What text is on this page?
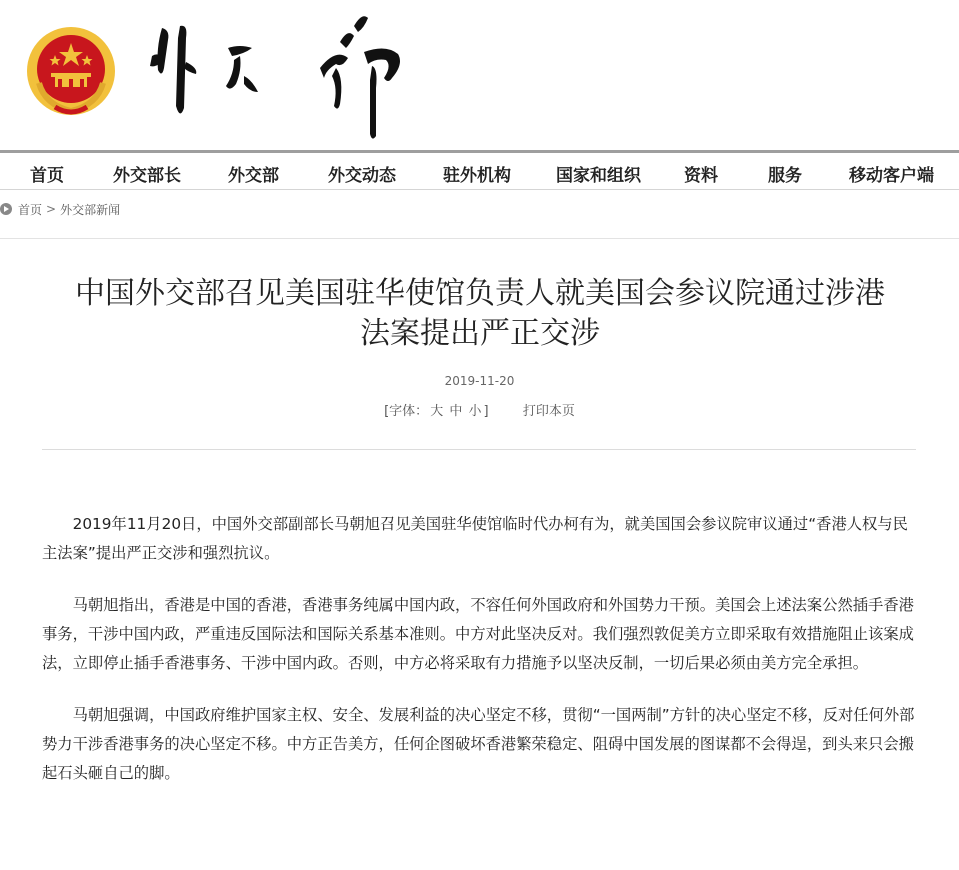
首页	外交部长	外交部	外交动态	驻外机构	国家和组织	资料	服务	移动客户端
首页 > 外交部新闻
中国外交部召见美国驻华使馆负责人就美国会参议院通过涉港
法案提出严正交涉
2019-11-20
[字体： 大 中 小 ]	打印本页

2019年11月20日，中国外交部副部长马朝旭召见美国驻华使馆临时代办柯有为，就美国国会参议院审议通过“香港人权与民主法案”提出严正交涉和强烈抗议。

马朝旭指出，香港是中国的香港，香港事务纯属中国内政，不容任何外国政府和外国势力干预。美国会上述法案公然插手香港事务，干涉中国内政，严重违反国际法和国际关系基本准则。中方对此坚决反对。我们强烈敦促美方立即采取有效措施阻止该案成法，立即停止插手香港事务、干涉中国内政。否则，中方必将采取有力措施予以坚决反制，一切后果必须由美方完全承担。

马朝旭强调，中国政府维护国家主权、安全、发展利益的决心坚定不移，贯彻“一国两制”方针的决心坚定不移，反对任何外部势力干涉香港事务的决心坚定不移。中方正告美方，任何企图破坏香港繁荣稳定、阻碍中国发展的图谋都不会得逞，到头来只会搬起石头砸自己的脚。
